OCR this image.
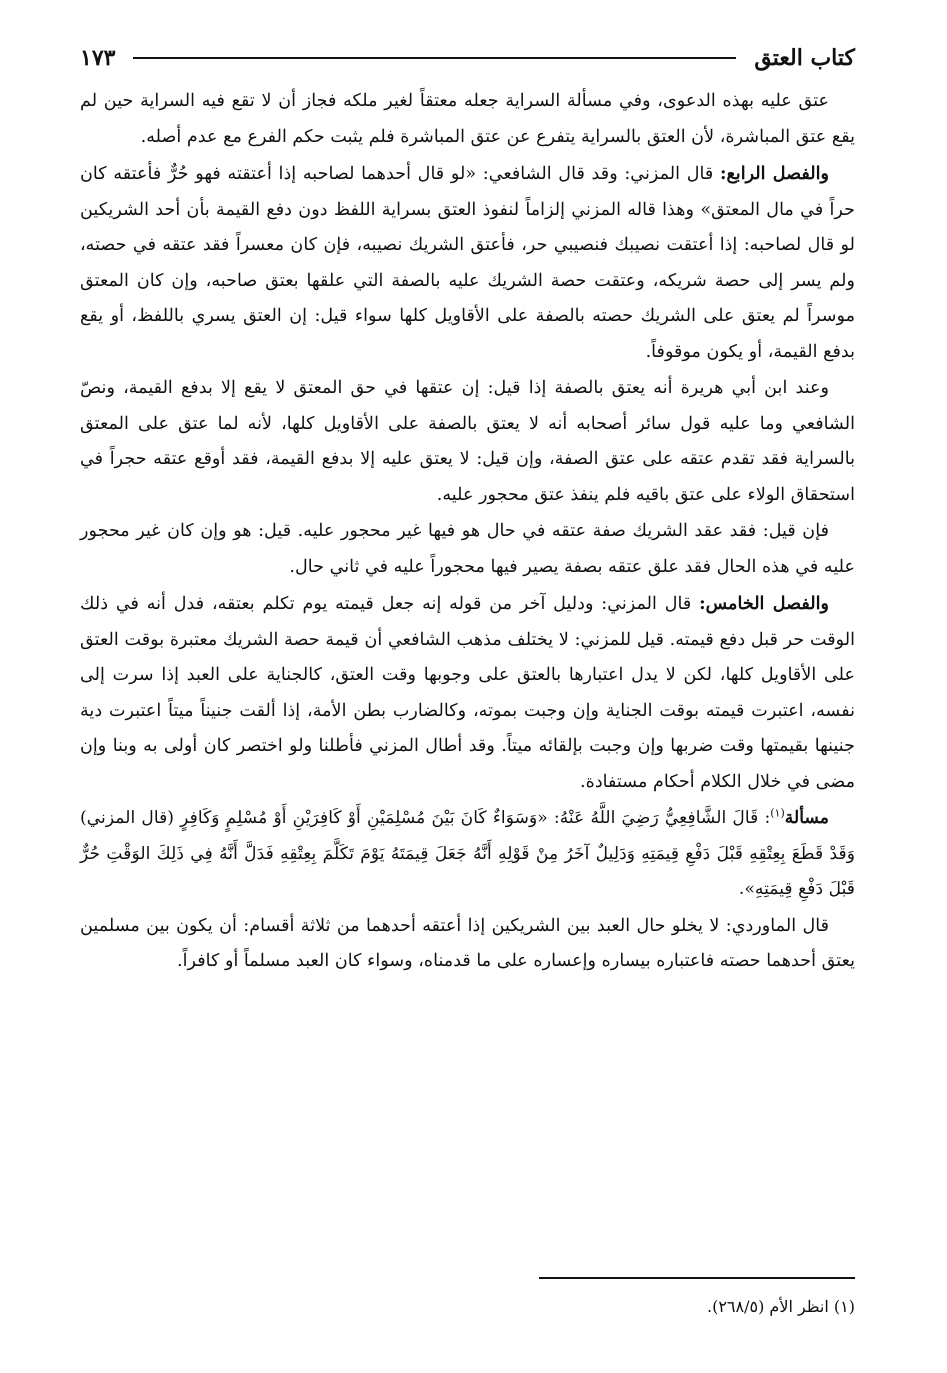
كتاب العتق
١٧٣

عتق عليه بهذه الدعوى، وفي مسألة السراية جعله معتقاً لغير ملكه فجاز أن لا تقع فيه السراية حين لم يقع عتق المباشرة، لأن العتق بالسراية يتفرع عن عتق المباشرة فلم يثبت حكم الفرع مع عدم أصله.

والفصل الرابع: قال المزني: وقد قال الشافعي: «لو قال أحدهما لصاحبه إذا أعتقته فهو حُرٌّ فأعتقه كان حراً في مال المعتق» وهذا قاله المزني إلزاماً لنفوذ العتق بسراية اللفظ دون دفع القيمة بأن أحد الشريكين لو قال لصاحبه: إذا أعتقت نصيبك فنصيبي حر، فأعتق الشريك نصيبه، فإن كان معسراً فقد عتقه في حصته، ولم يسر إلى حصة شريكه، وعتقت حصة الشريك عليه بالصفة التي علقها بعتق صاحبه، وإن كان المعتق موسراً لم يعتق على الشريك حصته بالصفة على الأقاويل كلها سواء قيل: إن العتق يسري باللفظ، أو يقع بدفع القيمة، أو يكون موقوفاً.

وعند ابن أبي هريرة أنه يعتق بالصفة إذا قيل: إن عتقها في حق المعتق لا يقع إلا بدفع القيمة، ونصّ الشافعي وما عليه قول سائر أصحابه أنه لا يعتق بالصفة على الأقاويل كلها، لأنه لما عتق على المعتق بالسراية فقد تقدم عتقه على عتق الصفة، وإن قيل: لا يعتق عليه إلا بدفع القيمة، فقد أوقع عتقه حجراً في استحقاق الولاء على عتق باقيه فلم ينفذ عتق محجور عليه.

فإن قيل: فقد عقد الشريك صفة عتقه في حال هو فيها غير محجور عليه. قيل: هو وإن كان غير محجور عليه في هذه الحال فقد علق عتقه بصفة يصير فيها محجوراً عليه في ثاني حال.

والفصل الخامس: قال المزني: ودليل آخر من قوله إنه جعل قيمته يوم تكلم بعتقه، فدل أنه في ذلك الوقت حر قبل دفع قيمته. قيل للمزني: لا يختلف مذهب الشافعي أن قيمة حصة الشريك معتبرة بوقت العتق على الأقاويل كلها، لكن لا يدل اعتبارها بالعتق على وجوبها وقت العتق، كالجناية على العبد إذا سرت إلى نفسه، اعتبرت قيمته بوقت الجناية وإن وجبت بموته، وكالضارب بطن الأمة، إذا ألقت جنيناً ميتاً اعتبرت دية جنينها بقيمتها وقت ضربها وإن وجبت بإلقائه ميتاً. وقد أطال المزني فأطلنا ولو اختصر كان أولى به وبنا وإن مضى في خلال الكلام أحكام مستفادة.

مسألة$^{(١)}$: قَالَ الشَّافِعِيُّ رَضِيَ اللَّهُ عَنْهُ: «وَسَوَاءٌ كَانَ بَيْنَ مُسْلِمَيْنِ أَوْ كَافِرَيْنِ أَوْ مُسْلِمٍ وَكَافِرٍ (قال المزني) وَقَدْ قَطَعَ بِعِتْقِهِ قَبْلَ دَفْعِ قِيمَتِهِ وَدَلِيلٌ آخَرُ مِنْ قَوْلِهِ أَنَّهُ جَعَلَ قِيمَتَهُ يَوْمَ تَكَلَّمَ بِعِتْقِهِ فَدَلَّ أَنَّهُ فِي ذَلِكَ الوَقْتِ حُرٌّ قَبْلَ دَفْعِ قِيمَتِهِ».

قال الماوردي: لا يخلو حال العبد بين الشريكين إذا أعتقه أحدهما من ثلاثة أقسام: أن يكون بين مسلمين يعتق أحدهما حصته فاعتباره بيساره وإعساره على ما قدمناه، وسواء كان العبد مسلماً أو كافراً.

(١) انظر الأم (٢٦٨/٥).
